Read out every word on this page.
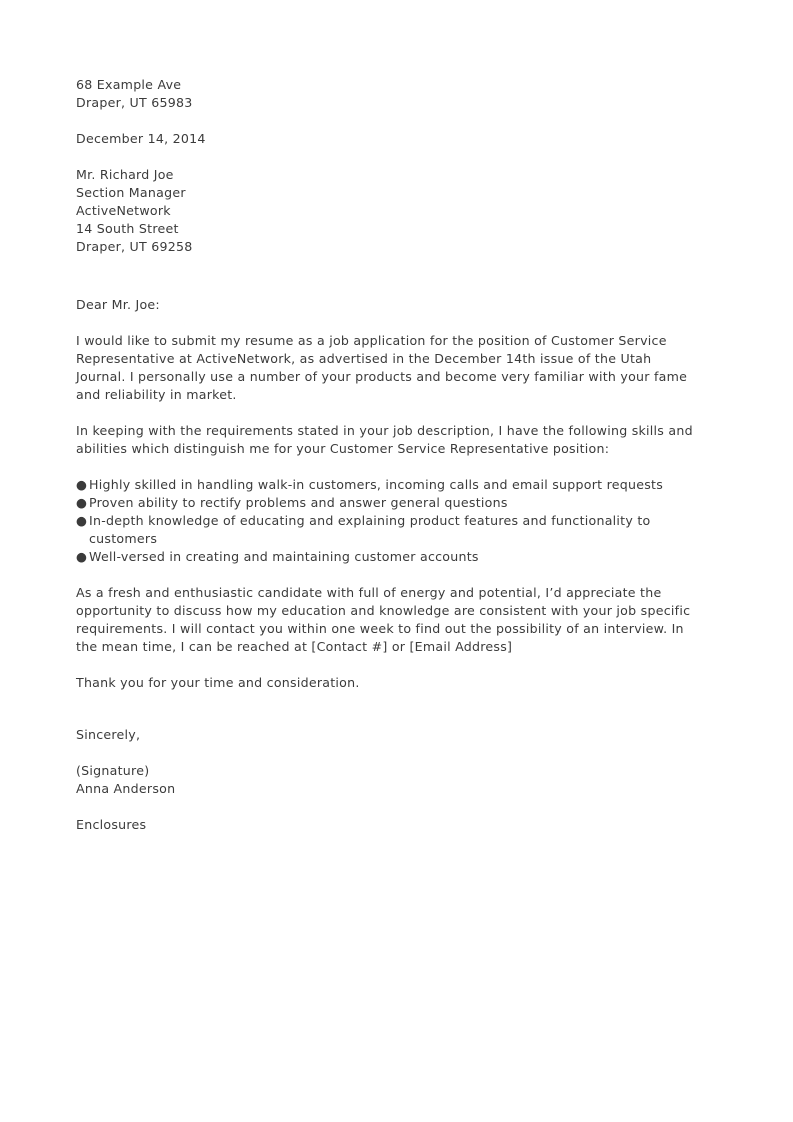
68 Example Ave
Draper, UT 65983
December 14, 2014
Mr. Richard Joe
Section Manager
ActiveNetwork
14 South Street
Draper, UT 69258
Dear Mr. Joe:

I would like to submit my resume as a job application for the position of Customer Service Representative at ActiveNetwork, as advertised in the December 14th issue of the Utah Journal. I personally use a number of your products and become very familiar with your fame and reliability in market.

In keeping with the requirements stated in your job description, I have the following skills and abilities which distinguish me for your Customer Service Representative position:

● Highly skilled in handling walk-in customers, incoming calls and email support requests
● Proven ability to rectify problems and answer general questions
● In-depth knowledge of educating and explaining product features and functionality to customers
● Well-versed in creating and maintaining customer accounts

As a fresh and enthusiastic candidate with full of energy and potential, I’d appreciate the opportunity to discuss how my education and knowledge are consistent with your job specific requirements. I will contact you within one week to find out the possibility of an interview. In the mean time, I can be reached at [Contact #] or [Email Address]

Thank you for your time and consideration.

Sincerely,
(Signature)
Anna Anderson
Enclosures
